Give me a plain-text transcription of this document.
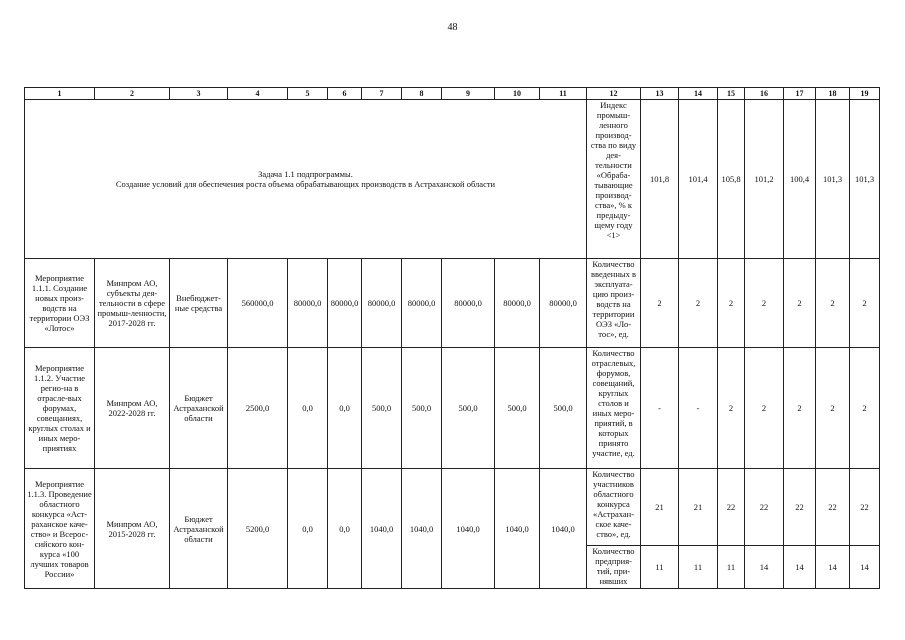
48
1	2	3	4	5	6	7	8	9	10	11	12	13	14	15	16	17	18	19

Задача 1.1 подпрограммы.
Создание условий для обеспечения роста объема обрабатывающих производств в Астраханской области											Индекс промыш-ленного производ-ства по виду дея-тельности «Обраба-тывающие производ-ства», % к предыду-щему году <1>	101,8	101,4	105,8	101,2	100,4	101,3	101,3
Мероприятие 1.1.1. Создание новых произ-водств на территории ОЭЗ «Лотос»	Минпром АО, субъекты дея-тельности в сфере промыш-ленности, 2017-2028 гг.	Внебюджет-ные средства	560000,0	80000,0	80000,0	80000,0	80000,0	80000,0	80000,0	80000,0	Количество введенных в эксплуата-цию произ-водств на территории ОЭЗ «Ло-тос», ед.	2	2	2	2	2	2	2
Мероприятие 1.1.2. Участие регио-на в отрасле-вых форумах, совещаниях, круглых столах и иных меро-приятиях	Минпром АО, 2022-2028 гг.	Бюджет Астраханской области	2500,0	0,0	0,0	500,0	500,0	500,0	500,0	500,0	Количество отраслевых, форумов, совещаний, круглых столов и иных меро-приятий, в которых принято участие, ед.	-	-	2	2	2	2	2
Мероприятие 1.1.3. Проведение областного конкурса «Аст-раханское каче-ство» и Всерос-сийского кон-курса «100 лучших товаров России»	Минпром АО, 2015-2028 гг.	Бюджет Астраханской области	5200,0	0,0	0,0	1040,0	1040,0	1040,0	1040,0	1040,0	Количество участников областного конкурса «Астрахан-ское каче-ство», ед.	21	21	22	22	22	22	22
											Количество предприя-тий, при-нявших	11	11	11	14	14	14	14
